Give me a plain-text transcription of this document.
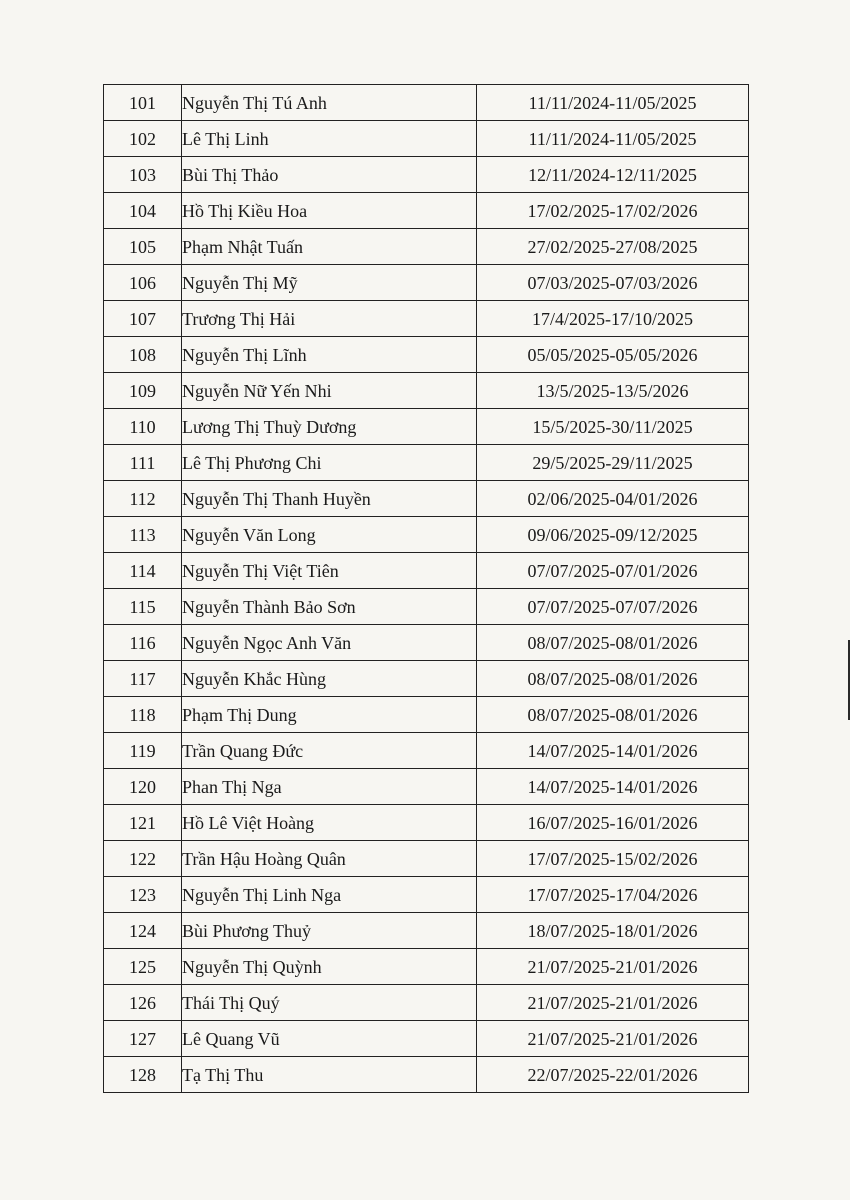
101	Nguyễn Thị Tú Anh	11/11/2024-11/05/2025
102	Lê Thị Linh	11/11/2024-11/05/2025
103	Bùi Thị Thảo	12/11/2024-12/11/2025
104	Hồ Thị Kiều Hoa	17/02/2025-17/02/2026
105	Phạm Nhật Tuấn	27/02/2025-27/08/2025
106	Nguyễn Thị Mỹ	07/03/2025-07/03/2026
107	Trương Thị Hải	17/4/2025-17/10/2025
108	Nguyễn Thị Lĩnh	05/05/2025-05/05/2026
109	Nguyễn Nữ Yến Nhi	13/5/2025-13/5/2026
110	Lương Thị Thuỳ Dương	15/5/2025-30/11/2025
111	Lê Thị Phương Chi	29/5/2025-29/11/2025
112	Nguyễn Thị Thanh Huyền	02/06/2025-04/01/2026
113	Nguyễn Văn Long	09/06/2025-09/12/2025
114	Nguyễn Thị Việt Tiên	07/07/2025-07/01/2026
115	Nguyễn Thành Bảo Sơn	07/07/2025-07/07/2026
116	Nguyễn Ngọc Anh Văn	08/07/2025-08/01/2026
117	Nguyễn Khắc Hùng	08/07/2025-08/01/2026
118	Phạm Thị Dung	08/07/2025-08/01/2026
119	Trần Quang Đức	14/07/2025-14/01/2026
120	Phan Thị Nga	14/07/2025-14/01/2026
121	Hồ Lê Việt Hoàng	16/07/2025-16/01/2026
122	Trần Hậu Hoàng Quân	17/07/2025-15/02/2026
123	Nguyễn Thị Linh Nga	17/07/2025-17/04/2026
124	Bùi Phương Thuỷ	18/07/2025-18/01/2026
125	Nguyễn Thị Quỳnh	21/07/2025-21/01/2026
126	Thái Thị Quý	21/07/2025-21/01/2026
127	Lê Quang Vũ	21/07/2025-21/01/2026
128	Tạ Thị Thu	22/07/2025-22/01/2026
